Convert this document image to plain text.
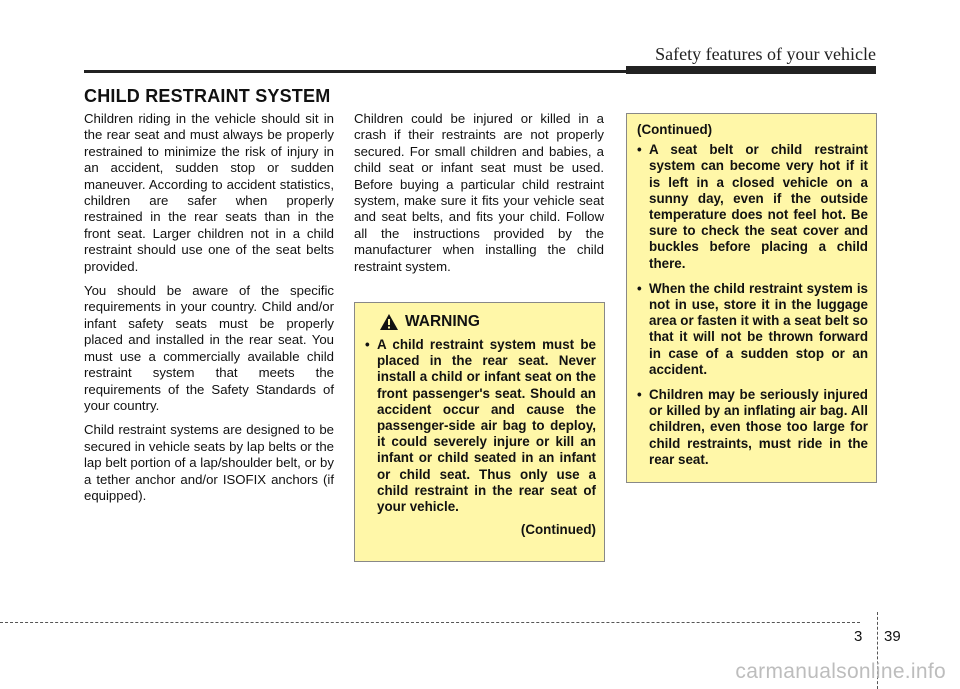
Safety features of your vehicle
CHILD RESTRAINT SYSTEM

Children riding in the vehicle should sit in the rear seat and must always be properly restrained to minimize the risk of injury in an accident, sudden stop or sudden maneuver. According to accident statistics, children are safer when properly restrained in the rear seats than in the front seat. Larger children not in a child restraint should use one of the seat belts provided.

You should be aware of the specific requirements in your country. Child and/or infant safety seats must be properly placed and installed in the rear seat. You must use a commercially available child restraint system that meets the requirements of the Safety Standards of your country.

Child restraint systems are designed to be secured in vehicle seats by lap belts or the lap belt portion of a lap/shoulder belt, or by a tether anchor and/or ISOFIX anchors (if equipped).

Children could be injured or killed in a crash if their restraints are not properly secured. For small children and babies, a child seat or infant seat must be used. Before buying a particular child restraint system, make sure it fits your vehicle seat and seat belts, and fits your child. Follow all the instructions provided by the manufacturer when installing the child restraint system.

WARNING
• A child restraint system must be placed in the rear seat. Never install a child or infant seat on the front passenger's seat. Should an accident occur and cause the passenger-side air bag to deploy, it could severely injure or kill an infant or child seated in an infant or child seat. Thus only use a child restraint in the rear seat of your vehicle.
(Continued)
(Continued)
• A seat belt or child restraint system can become very hot if it is left in a closed vehicle on a sunny day, even if the outside temperature does not feel hot. Be sure to check the seat cover and buckles before placing a child there.
• When the child restraint system is not in use, store it in the luggage area or fasten it with a seat belt so that it will not be thrown forward in case of a sudden stop or an accident.
• Children may be seriously injured or killed by an inflating air bag. All children, even those too large for child restraints, must ride in the rear seat.
3 39
carmanualsonline.info
